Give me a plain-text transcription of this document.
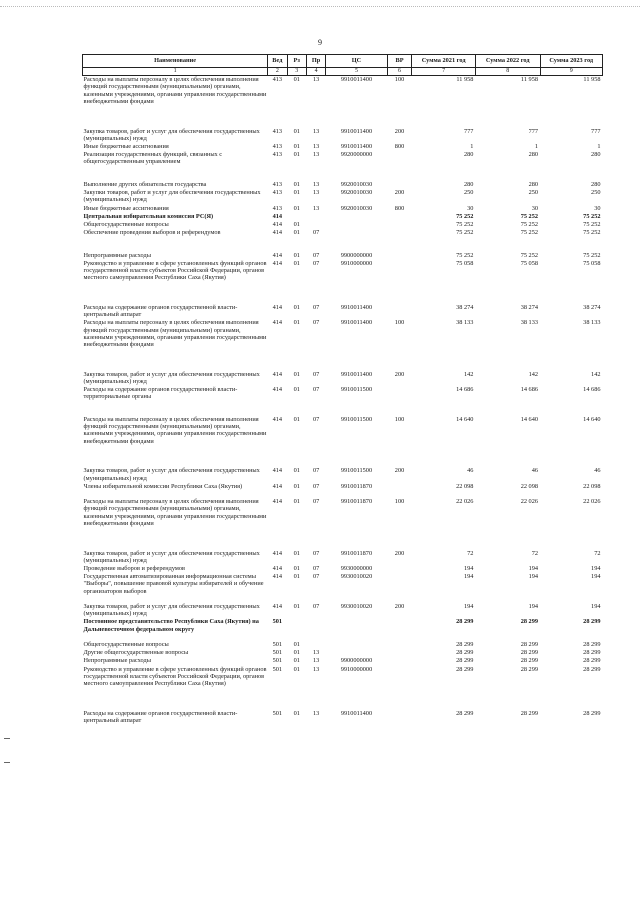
9
Наименование	Вед	Рз	Пр	ЦС	ВР	Сумма 2021 год	Сумма 2022 год	Сумма 2023 год
1	2	3	4	5	6	7	8	9
Расходы на выплаты персоналу в целях обеспечения выполнения функций государственными (муниципальными) органами, казенными учреждениями, органами управления государственными внебюджетными фондами	413	01	13	9910011400	100	11 958	11 958	11 958
Закупка товаров, работ и услуг для обеспечения государственных (муниципальных) нужд	413	01	13	9910011400	200	777	777	777
Иные бюджетные ассигнования	413	01	13	9910011400	800	1	1	1
Реализация государственных функций, связанных с общегосударственным управлением	413	01	13	9920000000		280	280	280
Выполнение других обязательств государства	413	01	13	9920010030		280	280	280
Закупки товаров, работ и услуг для обеспечения государственных (муниципальных) нужд	413	01	13	9920010030	200	250	250	250
Иные бюджетные ассигнования	413	01	13	9920010030	800	30	30	30
Центральная избирательная комиссия РС(Я)	414					75 252	75 252	75 252
Общегосударственные вопросы	414	01				75 252	75 252	75 252
Обеспечение проведения выборов и референдумов	414	01	07			75 252	75 252	75 252
Непрограммные расходы	414	01	07	9900000000		75 252	75 252	75 252
Руководство и управление в сфере установленных функций органов государственной власти субъектов Российской Федерации, органов местного самоуправления Республики Саха (Якутия)	414	01	07	9910000000		75 058	75 058	75 058
Расходы на содержание органов государственной власти- центральный аппарат	414	01	07	9910011400		38 274	38 274	38 274
Расходы на выплаты персоналу в целях обеспечения выполнения функций государственными (муниципальными) органами, казенными учреждениями, органами управления государственными внебюджетными фондами	414	01	07	9910011400	100	38 133	38 133	38 133
Закупка товаров, работ и услуг для обеспечения государственных (муниципальных) нужд	414	01	07	9910011400	200	142	142	142
Расходы на содержание органов государственной власти- территориальные органы	414	01	07	9910011500		14 686	14 686	14 686
Расходы на выплаты персоналу в целях обеспечения выполнения функций государственными (муниципальными) органами, казенными учреждениями, органами управления государственными внебюджетными фондами	414	01	07	9910011500	100	14 640	14 640	14 640
Закупка товаров, работ и услуг для обеспечения государственных (муниципальных) нужд	414	01	07	9910011500	200	46	46	46
Члены избирательной комиссии Республики Саха (Якутия)	414	01	07	9910011870		22 098	22 098	22 098
Расходы на выплаты персоналу в целях обеспечения выполнения функций государственными (муниципальными) органами, казенными учреждениями, органами управления государственными внебюджетными фондами	414	01	07	9910011870	100	22 026	22 026	22 026
Закупка товаров, работ и услуг для обеспечения государственных (муниципальных) нужд	414	01	07	9910011870	200	72	72	72
Проведение выборов и референдумов	414	01	07	9930000000		194	194	194
Государственная автоматизированная информационная системы "Выборы", повышение правовой культуры избирателей и обучение организаторов выборов	414	01	07	9930010020		194	194	194
Закупка товаров, работ и услуг для обеспечения государственных (муниципальных) нужд	414	01	07	9930010020	200	194	194	194
Постоянное представительство Республики Саха (Якутия) на Дальневосточном федеральном округу	501					28 299	28 299	28 299
Общегосударственные вопросы	501	01				28 299	28 299	28 299
Другие общегосударственные вопросы	501	01	13			28 299	28 299	28 299
Непрограммные расходы	501	01	13	9900000000		28 299	28 299	28 299
Руководство и управление в сфере установленных функций органов государственной власти субъектов Российской Федерации, органов местного самоуправления Республики Саха (Якутия)	501	01	13	9910000000		28 299	28 299	28 299
Расходы на содержание органов государственной власти- центральный аппарат	501	01	13	9910011400		28 299	28 299	28 299
